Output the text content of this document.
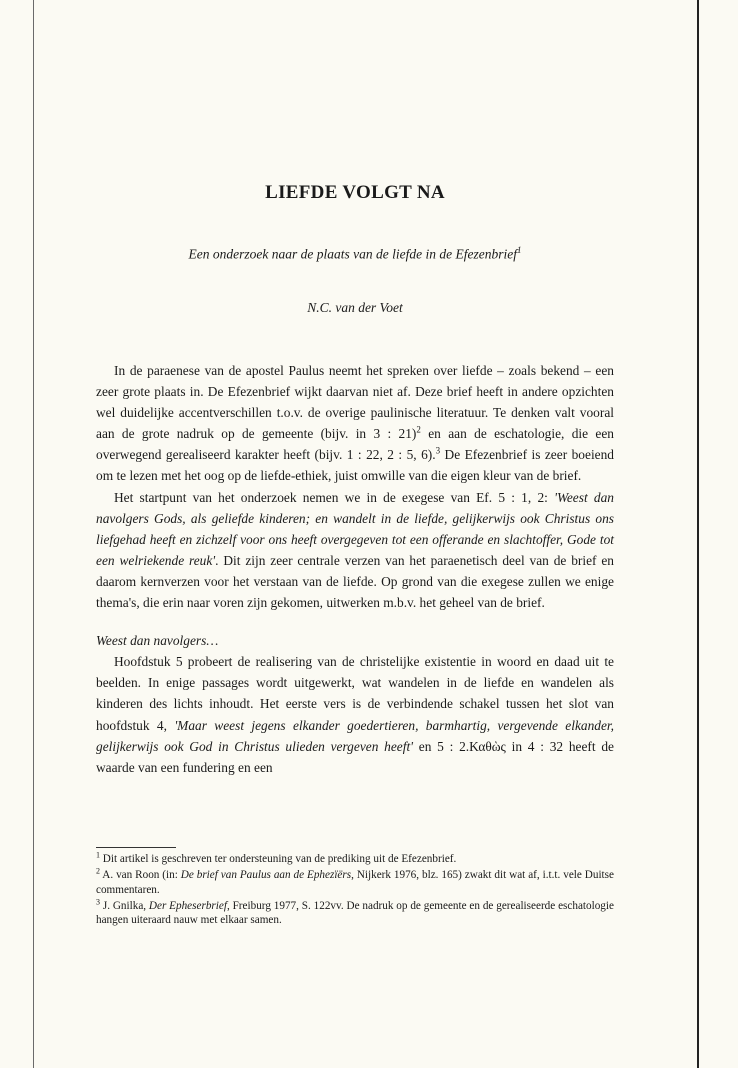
LIEFDE VOLGT NA
Een onderzoek naar de plaats van de liefde in de Efezenbrief$^1$
N.C. van der Voet

In de paraenese van de apostel Paulus neemt het spreken over liefde – zoals bekend – een zeer grote plaats in. De Efezenbrief wijkt daarvan niet af. Deze brief heeft in andere opzichten wel duidelijke accentverschillen t.o.v. de overige paulinische literatuur. Te denken valt vooral aan de grote nadruk op de gemeente (bijv. in 3 : 21)$^2$ en aan de eschatologie, die een overwegend gerealiseerd karakter heeft (bijv. 1 : 22, 2 : 5, 6).$^3$ De Efezenbrief is zeer boeiend om te lezen met het oog op de liefde-ethiek, juist omwille van die eigen kleur van de brief.

Het startpunt van het onderzoek nemen we in de exegese van Ef. 5 : 1, 2: 'Weest dan navolgers Gods, als geliefde kinderen; en wandelt in de liefde, gelijkerwijs ook Christus ons liefgehad heeft en zichzelf voor ons heeft overgegeven tot een offerande en slachtoffer, Gode tot een welriekende reuk'. Dit zijn zeer centrale verzen van het paraenetisch deel van de brief en daarom kernverzen voor het verstaan van de liefde. Op grond van die exegese zullen we enige thema's, die erin naar voren zijn gekomen, uitwerken m.b.v. het geheel van de brief.

Weest dan navolgers…

Hoofdstuk 5 probeert de realisering van de christelijke existentie in woord en daad uit te beelden. In enige passages wordt uitgewerkt, wat wandelen in de liefde en wandelen als kinderen des lichts inhoudt. Het eerste vers is de verbindende schakel tussen het slot van hoofdstuk 4, 'Maar weest jegens elkander goedertieren, barmhartig, vergevende elkander, gelijkerwijs ook God in Christus ulieden vergeven heeft' en 5 : 2.Καθὼς in 4 : 32 heeft de waarde van een fundering en een

$^1$ Dit artikel is geschreven ter ondersteuning van de prediking uit de Efezenbrief.

$^2$ A. van Roon (in: De brief van Paulus aan de Ephezïërs, Nijkerk 1976, blz. 165) zwakt dit wat af, i.t.t. vele Duitse commentaren.

$^3$ J. Gnilka, Der Epheserbrief, Freiburg 1977, S. 122vv. De nadruk op de gemeente en de gerealiseerde eschatologie hangen uiteraard nauw met elkaar samen.
